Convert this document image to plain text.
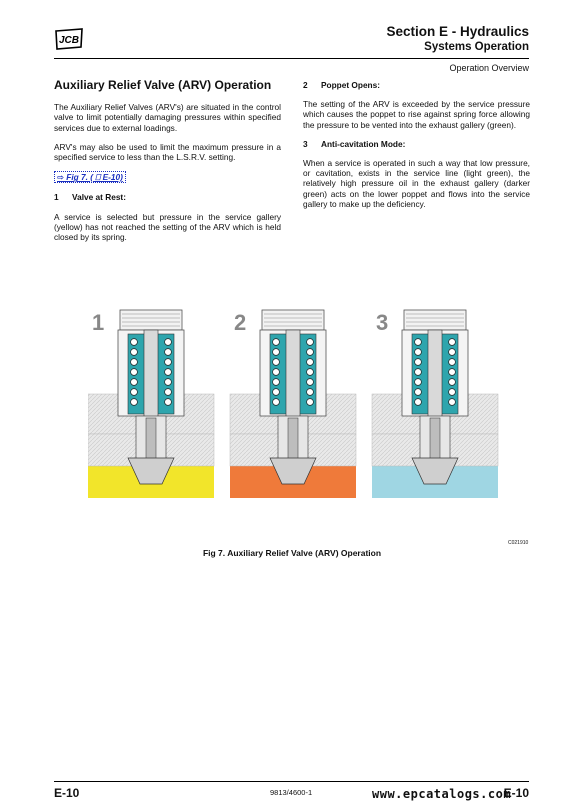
JCB
Section E - Hydraulics
Systems Operation
Operation Overview
Auxiliary Relief Valve (ARV) Operation
The Auxiliary Relief Valves (ARV's) are situated in the control valve to limit potentially damaging pressures within specified services due to external loadings.
ARV's may also be used to limit the maximum pressure in a specified service to less than the L.S.R.V. setting.
⇨ Fig 7. ( ⎕ E-10)
1 Valve at Rest:
A service is selected but pressure in the service gallery (yellow) has not reached the setting of the ARV which is held closed by its spring.
2 Poppet Opens:
The setting of the ARV is exceeded by the service pressure which causes the poppet to rise against spring force allowing the pressure to be vented into the exhaust gallery (green).
3 Anti-cavitation Mode:
When a service is operated in such a way that low pressure, or cavitation, exists in the service line (light green), the relatively high pressure oil in the exhaust gallery (darker green) acts on the lower poppet and flows into the service gallery to make up the deficiency.
1	2	3
C021910
Fig 7. Auxiliary Relief Valve (ARV) Operation
E-10	9813/4600-1	www.epcatalogs.com
E-10
